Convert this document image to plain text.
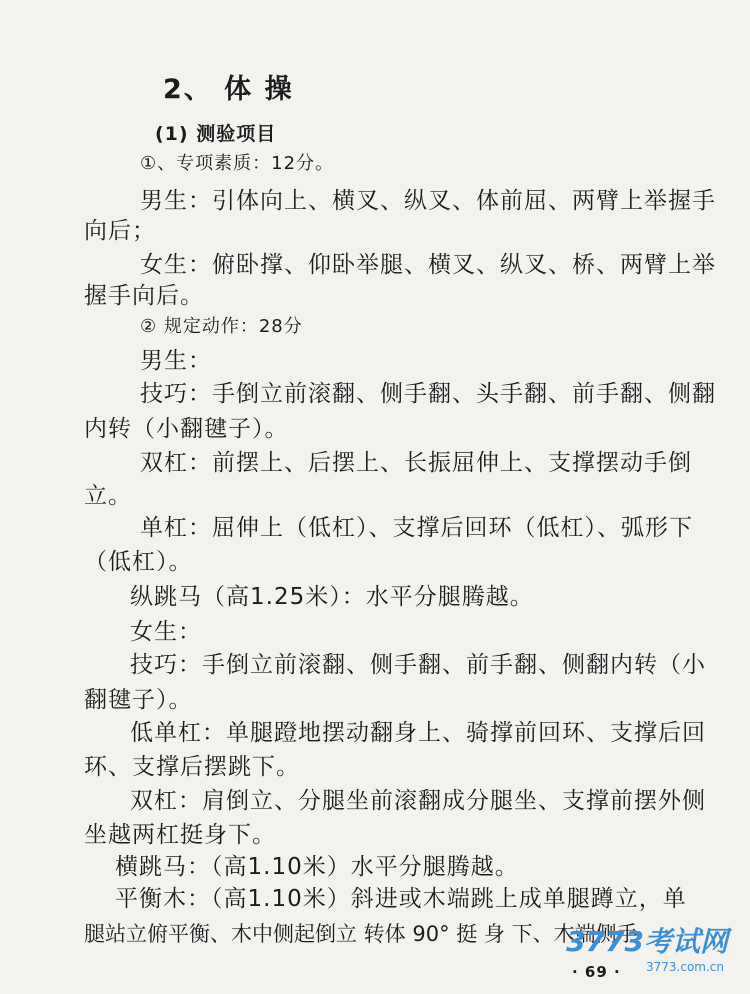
2、 体 操
(1) 测验项目
①、专项素质：12分。
男生：引体向上、横叉、纵叉、体前屈、两臂上举握手
向后；
女生：俯卧撑、仰卧举腿、横叉、纵叉、桥、两臂上举
握手向后。
② 规定动作：28分
男生：
技巧：手倒立前滚翻、侧手翻、头手翻、前手翻、侧翻
内转（小翻毽子）。
双杠：前摆上、后摆上、长振屈伸上、支撑摆动手倒
立。
单杠：屈伸上（低杠）、支撑后回环（低杠）、弧形下
（低杠）。
纵跳马（高1.25米）：水平分腿腾越。
女生：
技巧：手倒立前滚翻、侧手翻、前手翻、侧翻内转（小
翻毽子）。
低单杠：单腿蹬地摆动翻身上、骑撑前回环、支撑后回
环、支撑后摆跳下。
双杠：肩倒立、分腿坐前滚翻成分腿坐、支撑前摆外侧
坐越两杠挺身下。
横跳马：（高1.10米）水平分腿腾越。
平衡木：（高1.10米）斜进或木端跳上成单腿蹲立，单
腿站立俯平衡、木中侧起倒立 转体 90° 挺 身 下、木端侧手
· 69 ·
3773考试网
3773.com.cn
